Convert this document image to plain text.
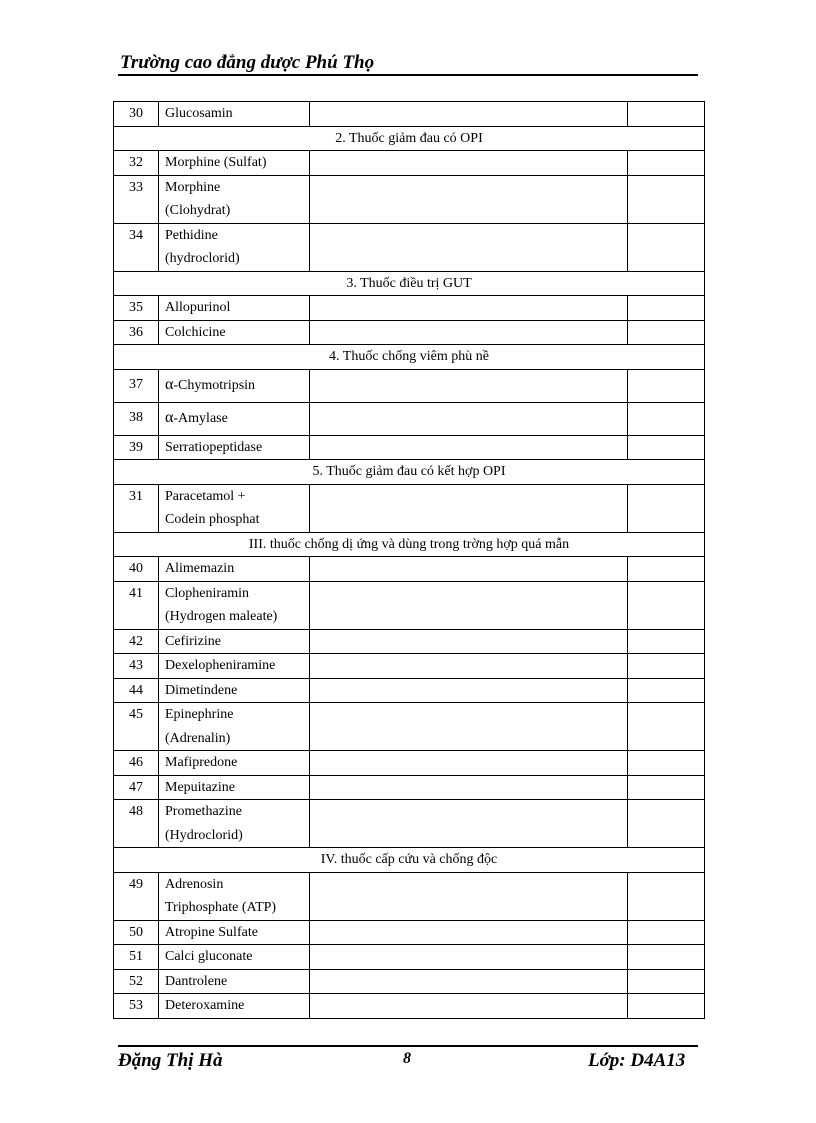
Trường cao đẳng dược Phú Thọ
30	Glucosamin		
2. Thuốc giảm đau có OPI			
32	Morphine (Sulfat)		
33	Morphine
(Clohydrat)		

34	Pethidine
(hydroclorid)		

3. Thuốc điều trị GUT			
35	Allopurinol		
36	Colchicine		
4. Thuốc chống viêm phù nề			
37	α-Chymotripsin		
38	α-Amylase		
39	Serratiopeptidase		
5. Thuốc giảm đau có kết hợp OPI			
31	Paracetamol +
Codein phosphat		

III. thuốc chống dị ứng và dùng trong trờng hợp quá mẫn			
40	Alimemazin		
41	Clopheniramin
(Hydrogen maleate)		

42	Cefirizine		
43	Dexelopheniramine		
44	Dimetindene		
45	Epinephrine
(Adrenalin)		

46	Mafipredone		
47	Mepuitazine		
48	Promethazine
(Hydroclorid)		

IV. thuốc cấp cứu và chống độc			
49	Adrenosin
Triphosphate (ATP)		

50	Atropine Sulfate		
51	Calci gluconate		
52	Dantrolene		
53	Deteroxamine		
Đặng Thị Hà	8	Lớp: D4A13
